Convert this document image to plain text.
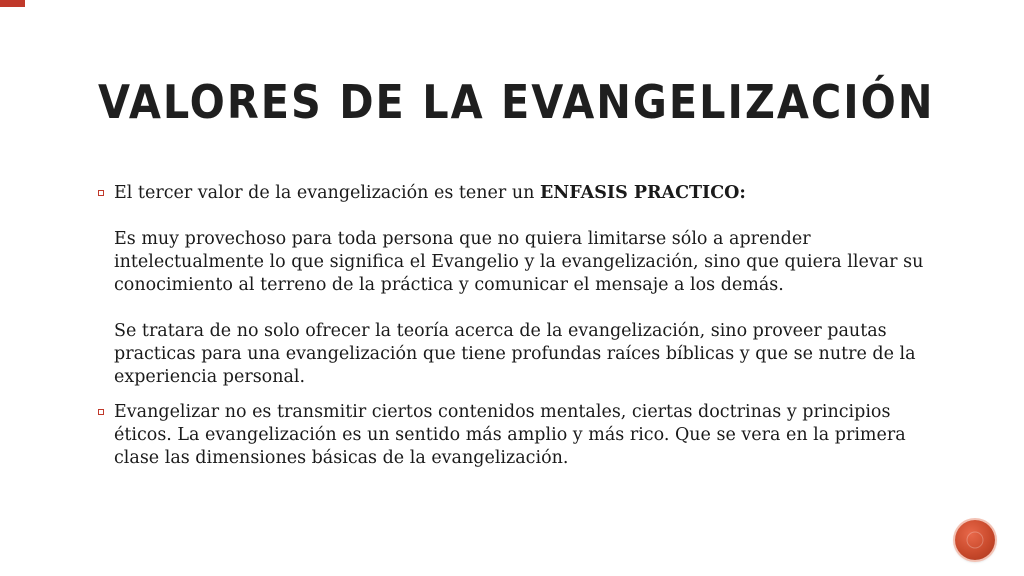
VALORES DE LA EVANGELIZACIÓN

El tercer valor de la evangelización es tener un ENFASIS PRACTICO:

Es muy provechoso para toda persona que no quiera limitarse sólo a aprender intelectualmente lo que significa el Evangelio y la evangelización, sino que quiera llevar su conocimiento al terreno de la práctica y comunicar el mensaje a los demás.

Se tratara de no solo ofrecer la teoría acerca de la evangelización, sino proveer pautas practicas para una evangelización que tiene profundas raíces bíblicas y que se nutre de la experiencia personal.

Evangelizar no es transmitir ciertos contenidos mentales, ciertas doctrinas y principios éticos. La evangelización es un sentido más amplio y más rico. Que se vera en la primera clase las dimensiones básicas de la evangelización.
